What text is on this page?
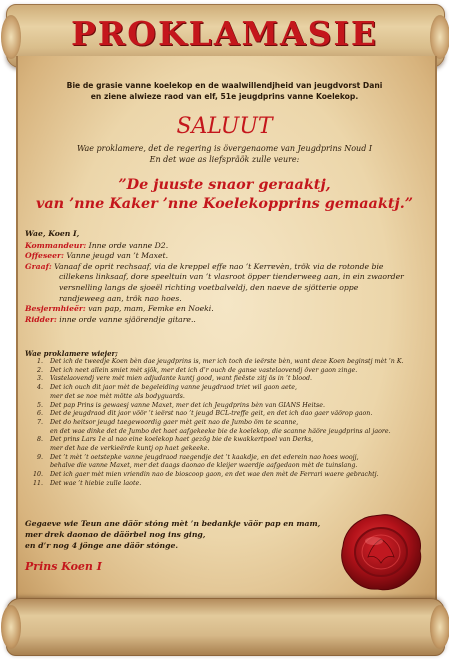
PROKLAMASIE
Bie de grasie vanne koelekop en de waalwillendjheid van jeugdvorst Dani
en ziene alwieze raod van elf, 51e jeugdprins vanne Koelekop.
SALUUT
Wae proklamere, det de regering is övergenaome van Jeugdprins Noud I
En det wae as liefspräök zulle veure:
”De juuste snaor geraaktj,
van ’nne Kaker ’nne Koelekopprins gemaaktj.”
Wae, Koen I,
Kommandeur: Inne orde vanne D2.
Offeseer: Vanne jeugd van ’t Maxet.
Graaf: Vanaaf de oprit rechsaaf, via de kreppel effe nao ’t Kerrevèn, trök via de rotonde bie
cillekens linksaaf, dore speeltuin van ’t vlasroot öpper tienderweeg aan, in ein zwaorder
versnelling langs de sjoeël richting voetbalveldj, den naeve de sjötterie oppe
randjeweeg aan, trök nao hoes.
Besjermhieër: van pap, mam, Femke en Noeki.
Ridder: inne orde vanne sjäörendje gitare..
Wae proklamere wiejer;
1.	Det ich de tweedje Koen bèn dae jeugdprins is, mer ich toch de ieërste bèn, want deze Koen beginstj mèt ’n K.
2.	Det ich neet allein smiet mèt sjök, mer det ich d’r ouch de ganse vastelaovendj över gaon zinge.
3.	Vastelaovendj vere mèt mien adjudante kuntj good, want fieëste zitj ös in ’t blood.
4.	Det ich ouch dit jaor mèt de begeleiding vanne jeugdraod triet wil gaon aete,
mer det se noe mèt mötte als bodyguards.
5.	Det pap Prins is gewaesj vanne Maxet, mer det ich Jeugdprins bèn van GIANS Heitse.
6.	Det de jeugdraod dit jaor vöör ’t ieërst nao ’t jeugd BCL-treffe geit, en det ich dao gaer väörop gaon.
7.	Det do heitsor jeugd taegewoordig gaer mèt geit nao de Jumbo öm te scanne,
en det wae dinke det de Jumbo det haet aafgekeeke bie de koelekop, die scanne häöre jeugdprins al jaore.
8.	Det prins Lars 1e al nao eine koelekop haet gezög bie de kwakkertpoel van Derks,
mer det hae de verkieërde kuntj op haet gekeeke.
9.	Det ’t mèt ’t oetstepke vanne jeugdraod raegendje det ’t kaakdje, en det ederein nao hoes woojj,
behalve die vanne Maxet, mer det daags daonao de kleijer waerdje aafgedaon mèt de tuinslang.
10.	Det ich gaer mèt mien vriendin nao de bioscoop gaon, en det wae den mèt de Ferrari waere gebrachtj.
11.	Det wae ’t hiebie zulle laote.
Gegaeve wie Teun ane däör stóng mèt ’n bedankje väör pap en mam,
mer drek daonao de däörbel nog ins ging,
en d’r nog 4 jönge ane däör stónge.
Prins Koen I
